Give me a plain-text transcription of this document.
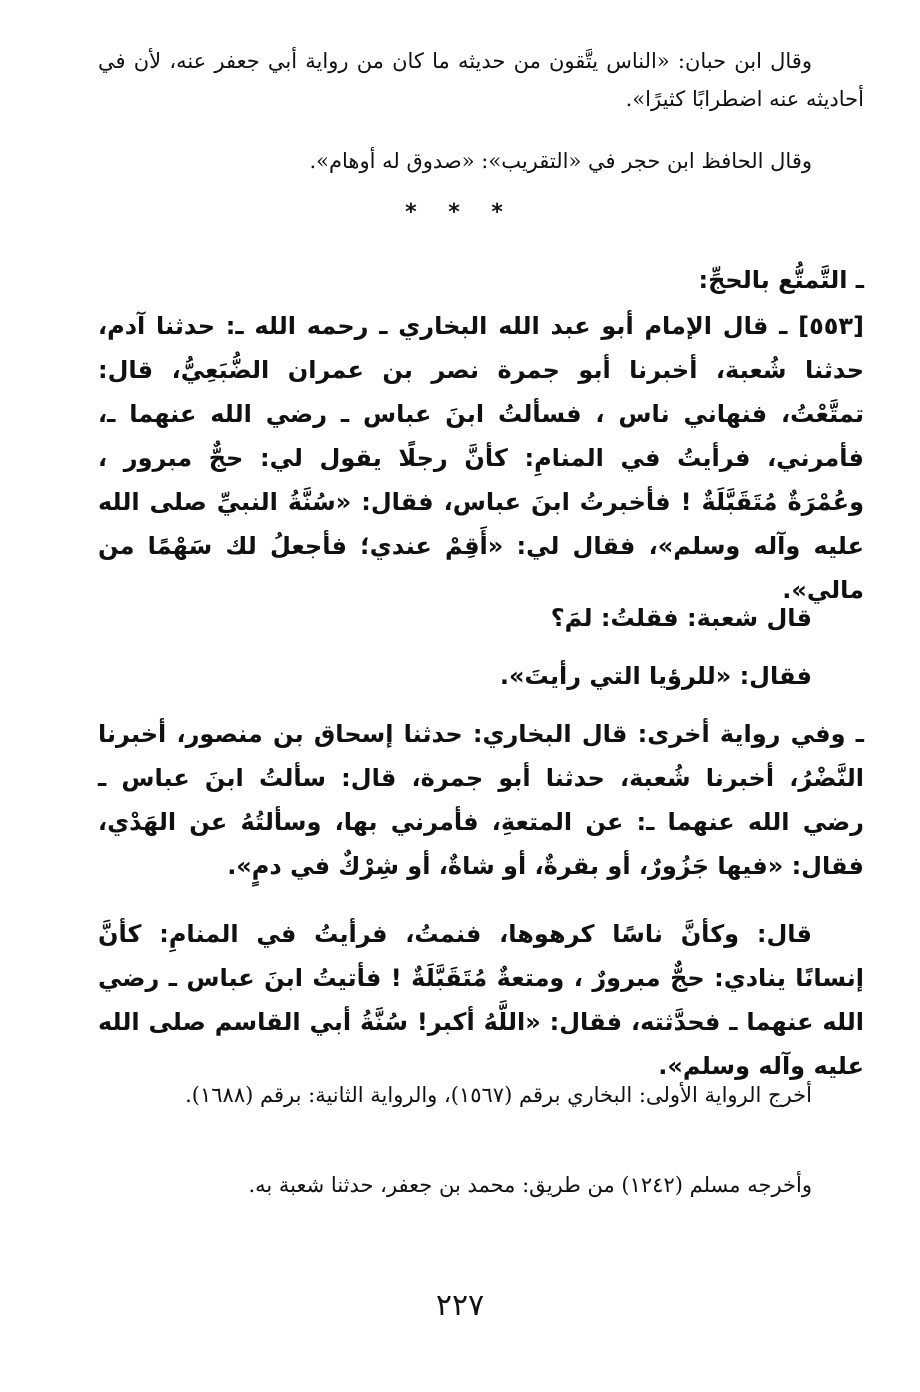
وقال ابن حبان: «الناس يتَّقون من حديثه ما كان من رواية أبي جعفر عنه، لأن في أحاديثه عنه اضطرابًا كثيرًا».

وقال الحافظ ابن حجر في «التقريب»: «صدوق له أوهام».

* * *

ـ التَّمتُّع بالحجِّ:

[٥٥٣] ـ قال الإمام أبو عبد الله البخاري ـ رحمه الله ـ: حدثنا آدم، حدثنا شُعبة، أخبرنا أبو جمرة نصر بن عمران الضُّبَعِيُّ، قال: تمتَّعْتُ، فنهاني ناس ، فسألتُ ابنَ عباس ـ رضي الله عنهما ـ، فأمرني، فرأيتُ في المنامِ: كأنَّ رجلًا يقول لي: حجٌّ مبرور ، وعُمْرَةٌ مُتَقَبَّلَةٌ ! فأخبرتُ ابنَ عباس، فقال: «سُنَّةُ النبيِّ صلى الله عليه وآله وسلم»، فقال لي: «أَقِمْ عندي؛ فأجعلُ لك سَهْمًا من مالي».

قال شعبة: فقلتُ: لمَ؟

فقال: «للرؤيا التي رأيتَ».

ـ وفي رواية أخرى: قال البخاري: حدثنا إسحاق بن منصور، أخبرنا النَّضْرُ، أخبرنا شُعبة، حدثنا أبو جمرة، قال: سألتُ ابنَ عباس ـ رضي الله عنهما ـ: عن المتعةِ، فأمرني بها، وسألتُهُ عن الهَدْي، فقال: «فيها جَزُورٌ، أو بقرةٌ، أو شاةٌ، أو شِرْكٌ في دمٍ».

قال: وكأنَّ ناسًا كرهوها، فنمتُ، فرأيتُ في المنامِ: كأنَّ إنسانًا ينادي: حجٌّ مبرورٌ ، ومتعةٌ مُتَقَبَّلَةٌ ! فأتيتُ ابنَ عباس ـ رضي الله عنهما ـ فحدَّثته، فقال: «اللَّهُ أكبر! سُنَّةُ أبي القاسم صلى الله عليه وآله وسلم».

أخرج الرواية الأولى: البخاري برقم (١٥٦٧)، والرواية الثانية: برقم (١٦٨٨).

وأخرجه مسلم (١٢٤٢) من طريق: محمد بن جعفر، حدثنا شعبة به.

٢٢٧
